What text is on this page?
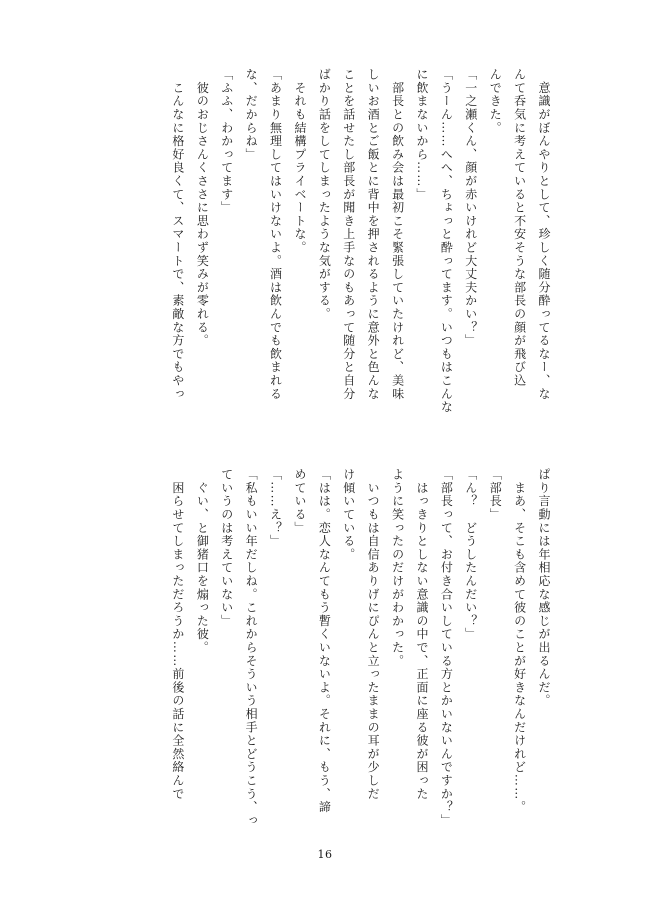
　意識がぼんやりとして、珍しく随分酔ってるなー、な
んて呑気に考えていると不安そうな部長の顔が飛び込
んできた。
「一之瀬くん、顔が赤いけれど大丈夫かい？」
「うーん……へへ、ちょっと酔ってます。いつもはこんな
に飲まないから……」
　部長との飲み会は最初こそ緊張していたけれど、美味
しいお酒とご飯とに背中を押されるように意外と色んな
ことを話せたし部長が聞き上手なのもあって随分と自分
ばかり話をしてしまったような気がする。
　それも結構プライベートな。
「あまり無理してはいけないよ。酒は飲んでも飲まれる
な、だからね」
「ふふ、わかってます」
　彼のおじさんくささに思わず笑みが零れる。
　こんなに格好良くて、スマートで、素敵な方でもやっ
ぱり言動には年相応な感じが出るんだ。
　まあ、そこも含めて彼のことが好きなんだけれど……。
「部長」
「ん？　どうしたんだい？」
「部長って、お付き合いしている方とかいないんですか？」
　はっきりとしない意識の中で、正面に座る彼が困った
ように笑ったのだけがわかった。
　いつもは自信ありげにぴんと立ったままの耳が少しだ
け傾いている。
「はは。恋人なんてもう暫くいないよ。それに、もう、諦
めている」
「……え？」
「私もいい年だしね。これからそういう相手とどうこう、っ
ていうのは考えていない」
　ぐい、と御猪口を煽った彼。
　困らせてしまっただろうか……前後の話に全然絡んで
16
